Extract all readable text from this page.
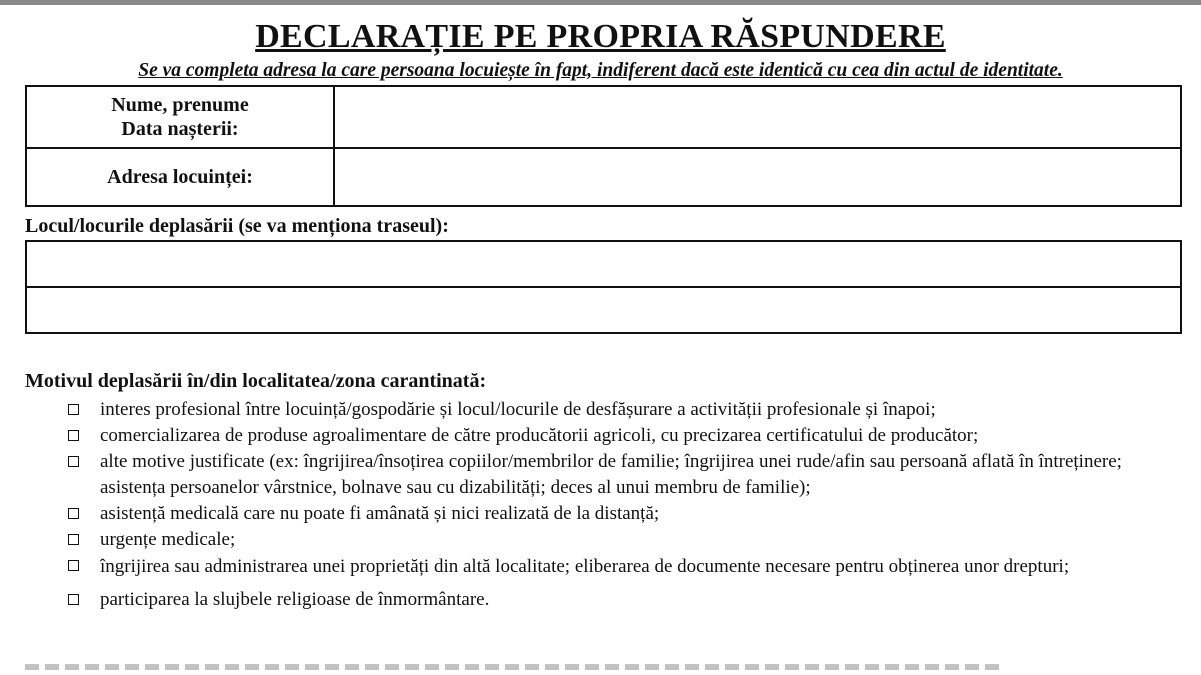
DECLARAȚIE PE PROPRIA RĂSPUNDERE
Se va completa adresa la care persoana locuiește în fapt, indiferent dacă este identică cu cea din actul de identitate.
Nume, prenume
Data nașterii:
Adresa locuinței:
Locul/locurile deplasării (se va menționa traseul):
Motivul deplasării în/din localitatea/zona carantinată:
interes profesional între locuință/gospodărie și locul/locurile de desfășurare a activității profesionale și înapoi;
comercializarea de produse agroalimentare de către producătorii agricoli, cu precizarea certificatului de producător;
alte motive justificate (ex: îngrijirea/însoțirea copiilor/membrilor de familie; îngrijirea unei rude/afin sau persoană aflată în întreținere; asistența persoanelor vârstnice, bolnave sau cu dizabilități; deces al unui membru de familie);
asistență medicală care nu poate fi amânată și nici realizată de la distanță;
urgențe medicale;
îngrijirea sau administrarea unei proprietăți din altă localitate; eliberarea de documente necesare pentru obținerea unor drepturi;
participarea la slujbele religioase de înmormântare.
